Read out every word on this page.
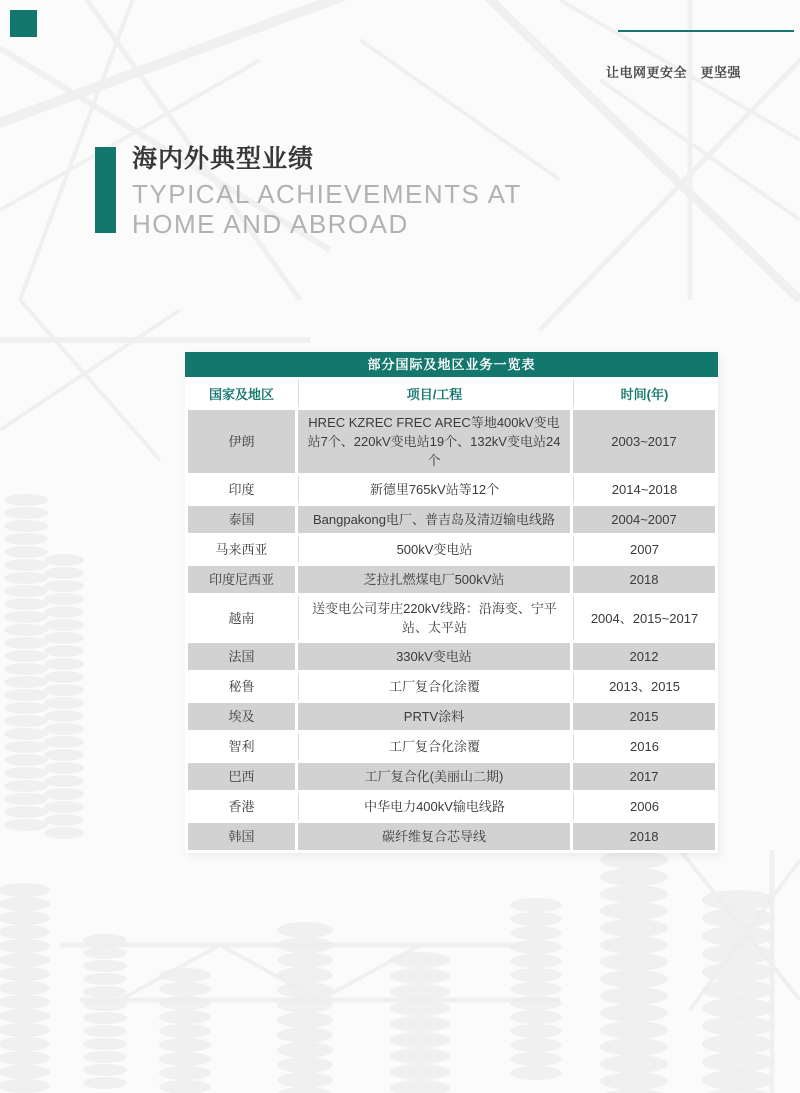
让电网更安全　更坚强
海内外典型业绩
TYPICAL ACHIEVEMENTS AT
HOME AND ABROAD
部分国际及地区业务一览表
国家及地区	项目/工程	时间(年)
伊朗	HREC KZREC FREC AREC等地400kV变电站7个、220kV变电站19个、132kV变电站24个	2003~2017
印度	新德里765kV站等12个	2014~2018
泰国	Bangpakong电厂、普吉岛及清迈输电线路	2004~2007
马来西亚	500kV变电站	2007
印度尼西亚	芝拉扎燃煤电厂500kV站	2018
越南	送变电公司芽庄220kV线路：沿海变、宁平站、太平站	2004、2015~2017
法国	330kV变电站	2012
秘鲁	工厂复合化涂覆	2013、2015
埃及	PRTV涂料	2015
智利	工厂复合化涂覆	2016
巴西	工厂复合化(美丽山二期)	2017
香港	中华电力400kV输电线路	2006
韩国	碳纤维复合芯导线	2018
